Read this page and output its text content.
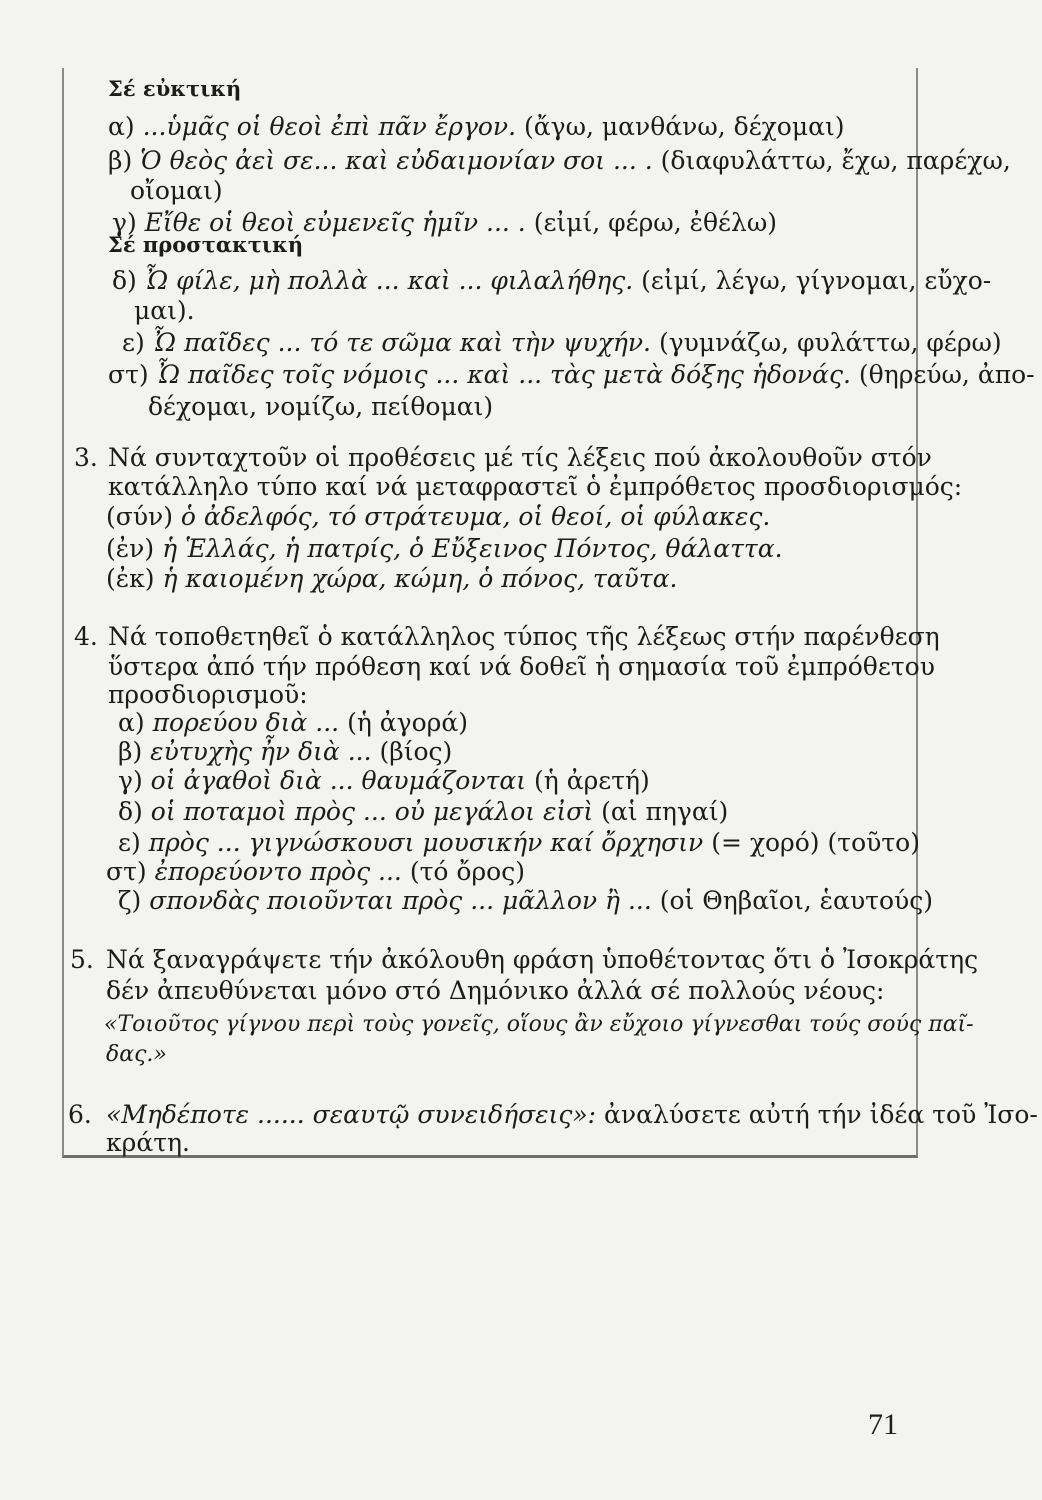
Σέ εὐκτική
α) ...ὑμᾶς οἱ θεοὶ ἐπὶ πᾶν ἔργον. (ἄγω, μανθάνω, δέχομαι)
β) Ὁ θεὸς ἀεὶ σε... καὶ εὐδαιμονίαν σοι ... . (διαφυλάττω, ἔχω, παρέχω,
οἴομαι)
γ) Εἴθε οἱ θεοὶ εὐμενεῖς ἡμῖν ... . (εἰμί, φέρω, ἐθέλω)
Σέ προστακτική
δ) Ὦ φίλε, μὴ πολλὰ ... καὶ ... φιλαλήθης. (εἰμί, λέγω, γίγνομαι, εὔχο-
μαι).
ε) Ὦ παῖδες ... τό τε σῶμα καὶ τὴν ψυχήν. (γυμνάζω, φυλάττω, φέρω)
στ) Ὦ παῖδες τοῖς νόμοις ... καὶ ... τὰς μετὰ δόξης ἡδονάς. (θηρεύω, ἀπο-
δέχομαι, νομίζω, πείθομαι)
3. Νά συνταχτοῦν οἱ προθέσεις μέ τίς λέξεις πού ἀκολουθοῦν στόν
κατάλληλο τύπο καί νά μεταφραστεῖ ὁ ἐμπρόθετος προσδιορισμός:
(σύν) ὁ ἀδελφός, τό στράτευμα, οἱ θεοί, οἱ φύλακες.
(ἐν) ἡ Ἑλλάς, ἡ πατρίς, ὁ Εὔξεινος Πόντος, θάλαττα.
(ἐκ) ἡ καιομένη χώρα, κώμη, ὁ πόνος, ταῦτα.
4. Νά τοποθετηθεῖ ὁ κατάλληλος τύπος τῆς λέξεως στήν παρένθεση
ὕστερα ἀπό τήν πρόθεση καί νά δοθεῖ ἡ σημασία τοῦ ἐμπρόθετου
προσδιορισμοῦ:
α) πορεύου διὰ ... (ἡ ἀγορά)
β) εὐτυχὴς ἦν διὰ ... (βίος)
γ) οἱ ἀγαθοὶ διὰ ... θαυμάζονται (ἡ ἀρετή)
δ) οἱ ποταμοὶ πρὸς ... οὐ μεγάλοι εἰσὶ (αἱ πηγαί)
ε) πρὸς ... γιγνώσκουσι μουσικήν καί ὄρχησιν (= χορό) (τοῦτο)
στ) ἐπορεύοντο πρὸς ... (τό ὄρος)
ζ) σπονδὰς ποιοῦνται πρὸς ... μᾶλλον ἢ ... (οἱ Θηβαῖοι, ἑαυτούς)
5. Νά ξαναγράψετε τήν ἀκόλουθη φράση ὑποθέτοντας ὅτι ὁ Ἰσοκράτης
δέν ἀπευθύνεται μόνο στό Δημόνικο ἀλλά σέ πολλούς νέους:
«Τοιοῦτος γίγνου περὶ τοὺς γονεῖς, οἵους ἂν εὔχοιο γίγνεσθαι τούς σούς παῖ-
δας.»
6. «Μηδέποτε ...... σεαυτῷ συνειδήσεις»: ἀναλύσετε αὐτή τήν ἰδέα τοῦ Ἰσο-
κράτη.
71
